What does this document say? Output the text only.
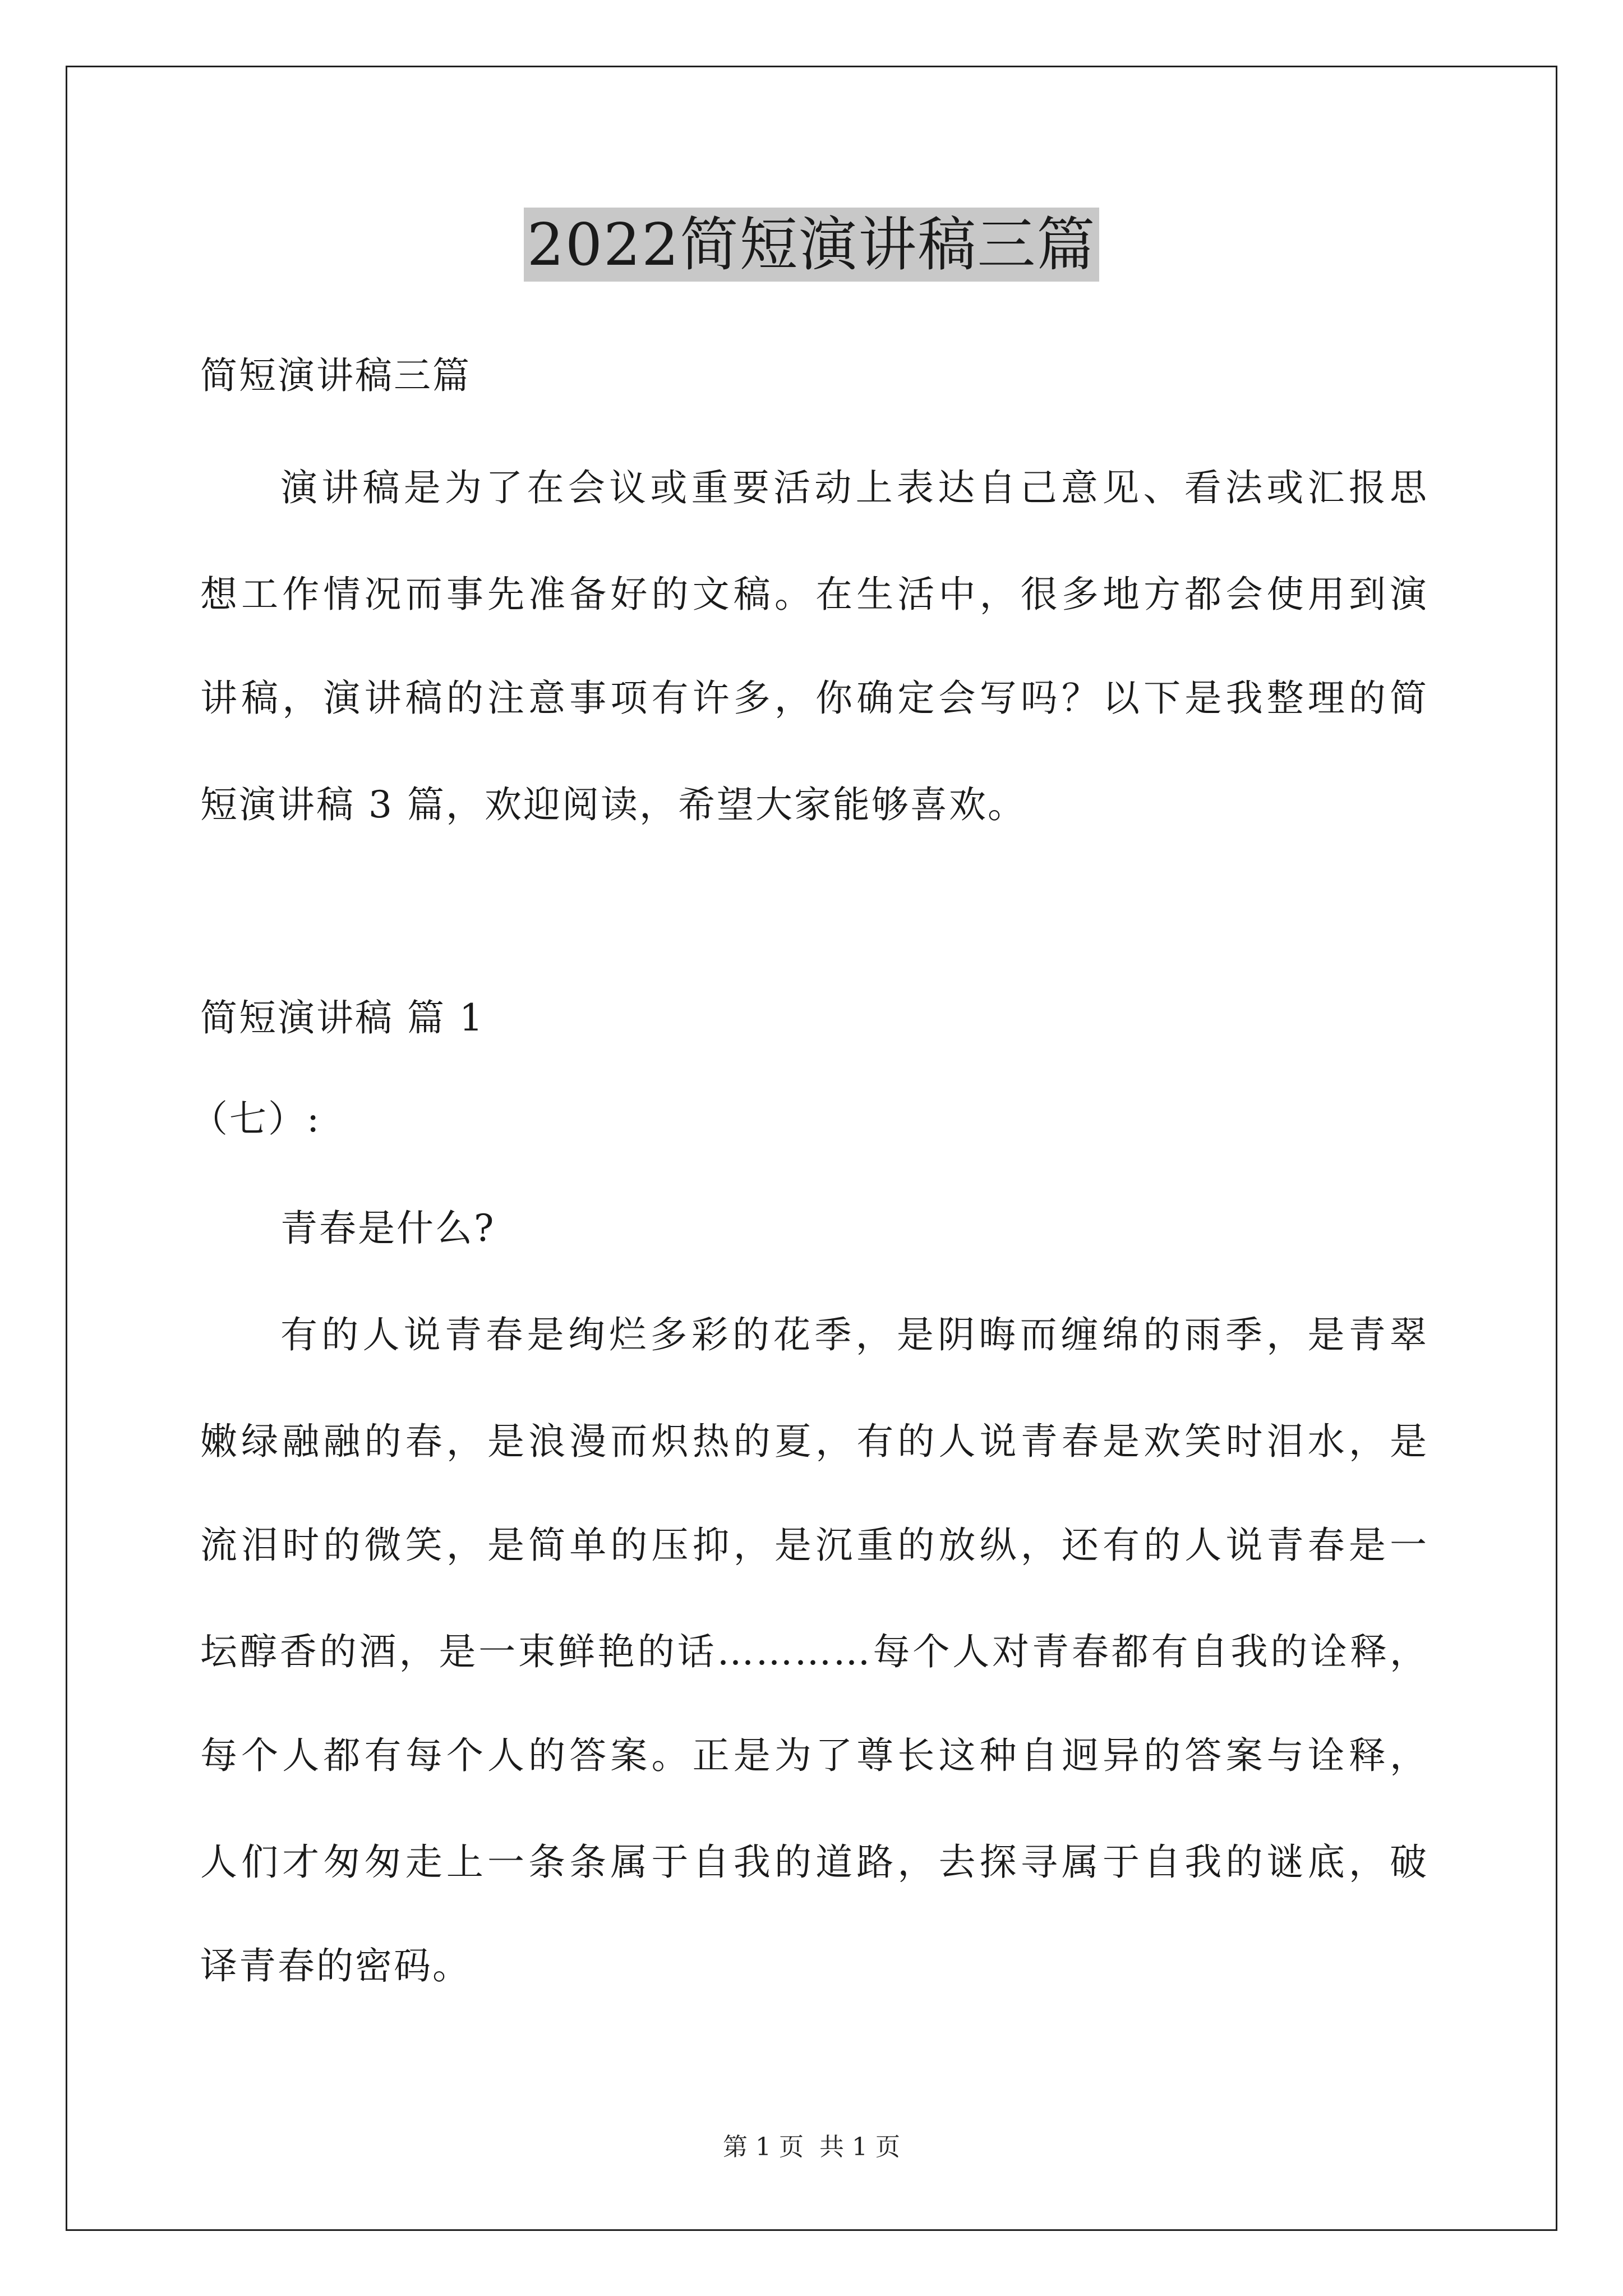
2022简短演讲稿三篇
简短演讲稿三篇
演讲稿是为了在会议或重要活动上表达自己意见、看法或汇报思
想工作情况而事先准备好的文稿。在生活中，很多地方都会使用到演
讲稿，演讲稿的注意事项有许多，你确定会写吗？以下是我整理的简
短演讲稿 3 篇，欢迎阅读，希望大家能够喜欢。
简短演讲稿 篇 1
（七）:
青春是什么?
有的人说青春是绚烂多彩的花季，是阴晦而缠绵的雨季，是青翠
嫩绿融融的春，是浪漫而炽热的夏，有的人说青春是欢笑时泪水，是
流泪时的微笑，是简单的压抑，是沉重的放纵，还有的人说青春是一
坛醇香的酒，是一束鲜艳的话…………每个人对青春都有自我的诠释，
每个人都有每个人的答案。正是为了尊长这种自迥异的答案与诠释，
人们才匆匆走上一条条属于自我的道路，去探寻属于自我的谜底，破
译青春的密码。
第 1 页 共 1 页
